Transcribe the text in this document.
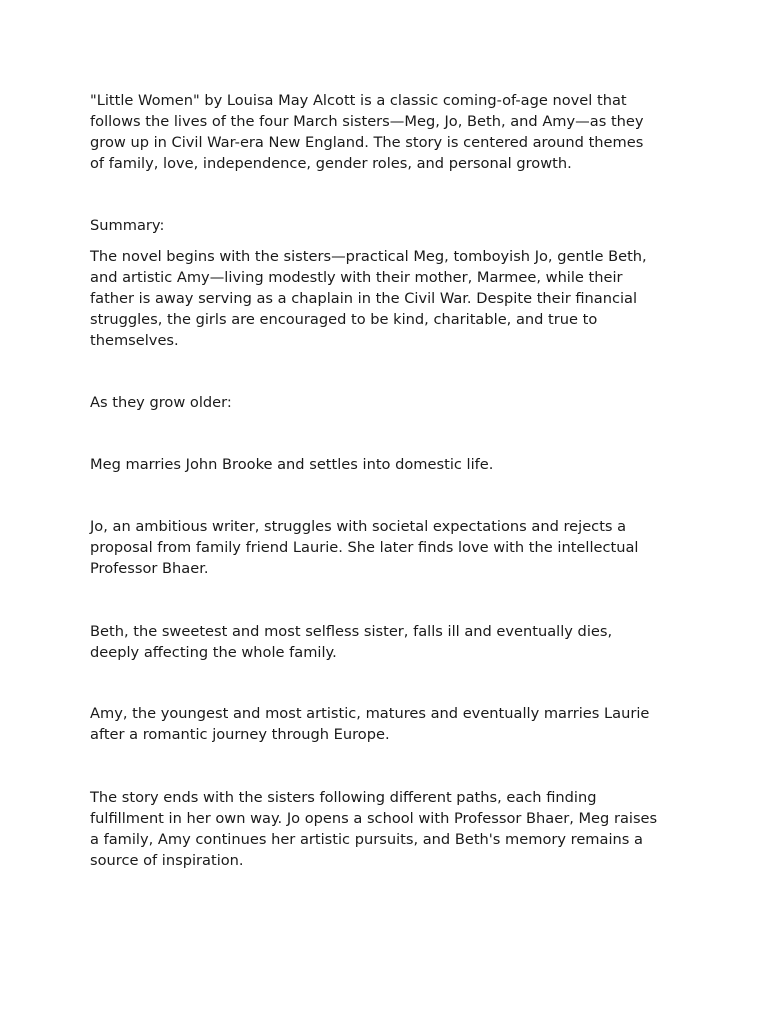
"Little Women" by Louisa May Alcott is a classic coming-of-age novel that
follows the lives of the four March sisters—Meg, Jo, Beth, and Amy—as they
grow up in Civil War-era New England. The story is centered around themes
of family, love, independence, gender roles, and personal growth.

Summary:

The novel begins with the sisters—practical Meg, tomboyish Jo, gentle Beth,
and artistic Amy—living modestly with their mother, Marmee, while their
father is away serving as a chaplain in the Civil War. Despite their financial
struggles, the girls are encouraged to be kind, charitable, and true to
themselves.

As they grow older:

Meg marries John Brooke and settles into domestic life.

Jo, an ambitious writer, struggles with societal expectations and rejects a
proposal from family friend Laurie. She later finds love with the intellectual
Professor Bhaer.

Beth, the sweetest and most selfless sister, falls ill and eventually dies,
deeply affecting the whole family.

Amy, the youngest and most artistic, matures and eventually marries Laurie
after a romantic journey through Europe.

The story ends with the sisters following different paths, each finding
fulfillment in her own way. Jo opens a school with Professor Bhaer, Meg raises
a family, Amy continues her artistic pursuits, and Beth's memory remains a
source of inspiration.
